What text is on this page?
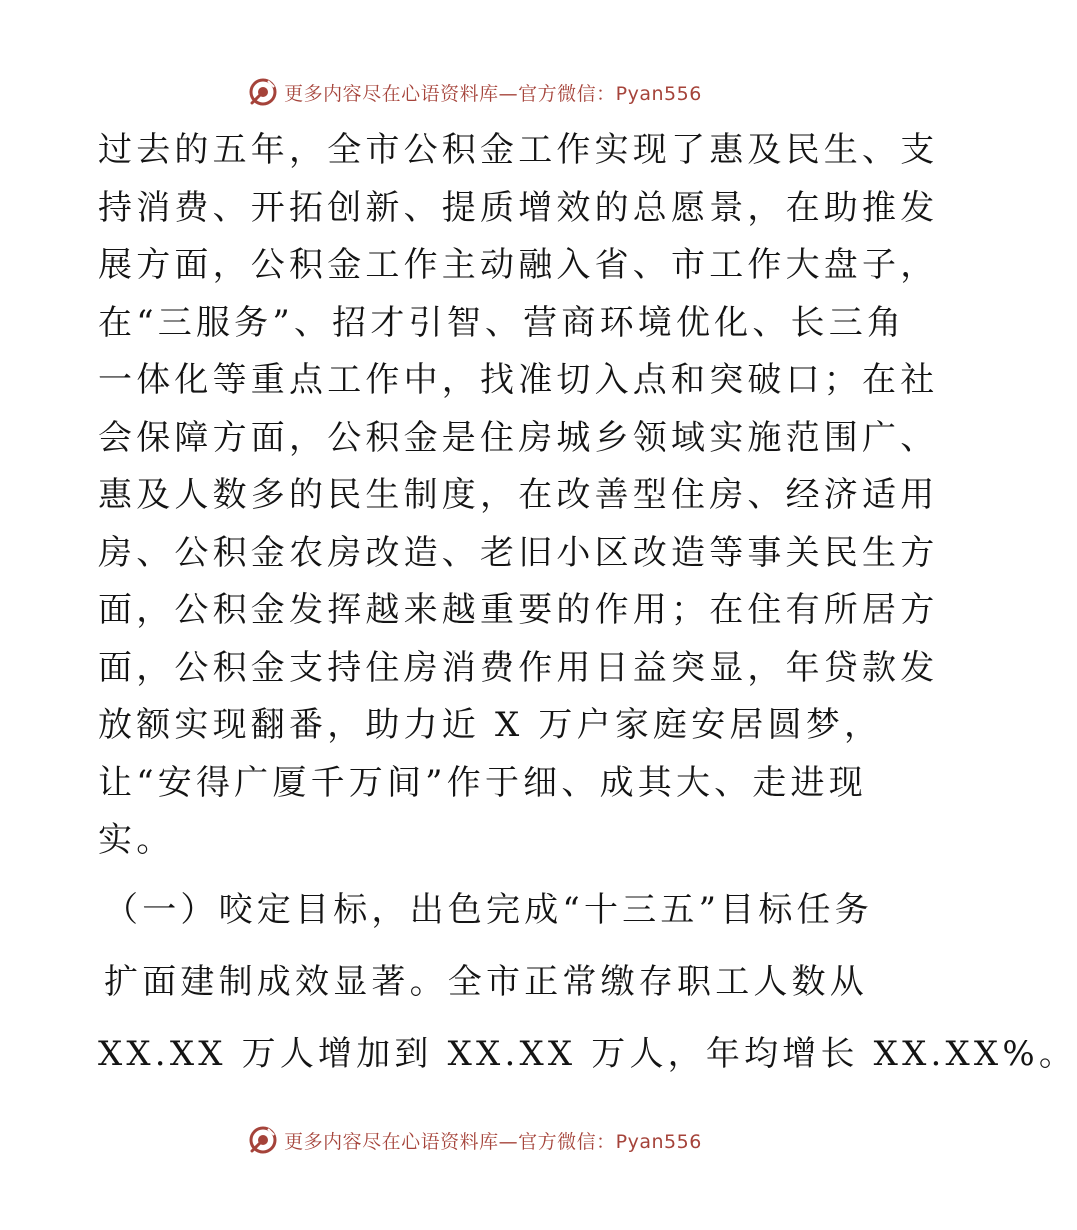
更多内容尽在心语资料库—官方微信：Pyan556
过去的五年，全市公积金工作实现了惠及民生、支
持消费、开拓创新、提质增效的总愿景，在助推发
展方面，公积金工作主动融入省、市工作大盘子，
在“三服务”、招才引智、营商环境优化、长三角
一体化等重点工作中，找准切入点和突破口；在社
会保障方面，公积金是住房城乡领域实施范围广、
惠及人数多的民生制度，在改善型住房、经济适用
房、公积金农房改造、老旧小区改造等事关民生方
面，公积金发挥越来越重要的作用；在住有所居方
面，公积金支持住房消费作用日益突显，年贷款发
放额实现翻番，助力近 X 万户家庭安居圆梦，
让“安得广厦千万间”作于细、成其大、走进现
实。
（一）咬定目标，出色完成“十三五”目标任务
扩面建制成效显著。全市正常缴存职工人数从
XX.XX 万人增加到 XX.XX 万人，年均增长 XX.XX%。
更多内容尽在心语资料库—官方微信：Pyan556
